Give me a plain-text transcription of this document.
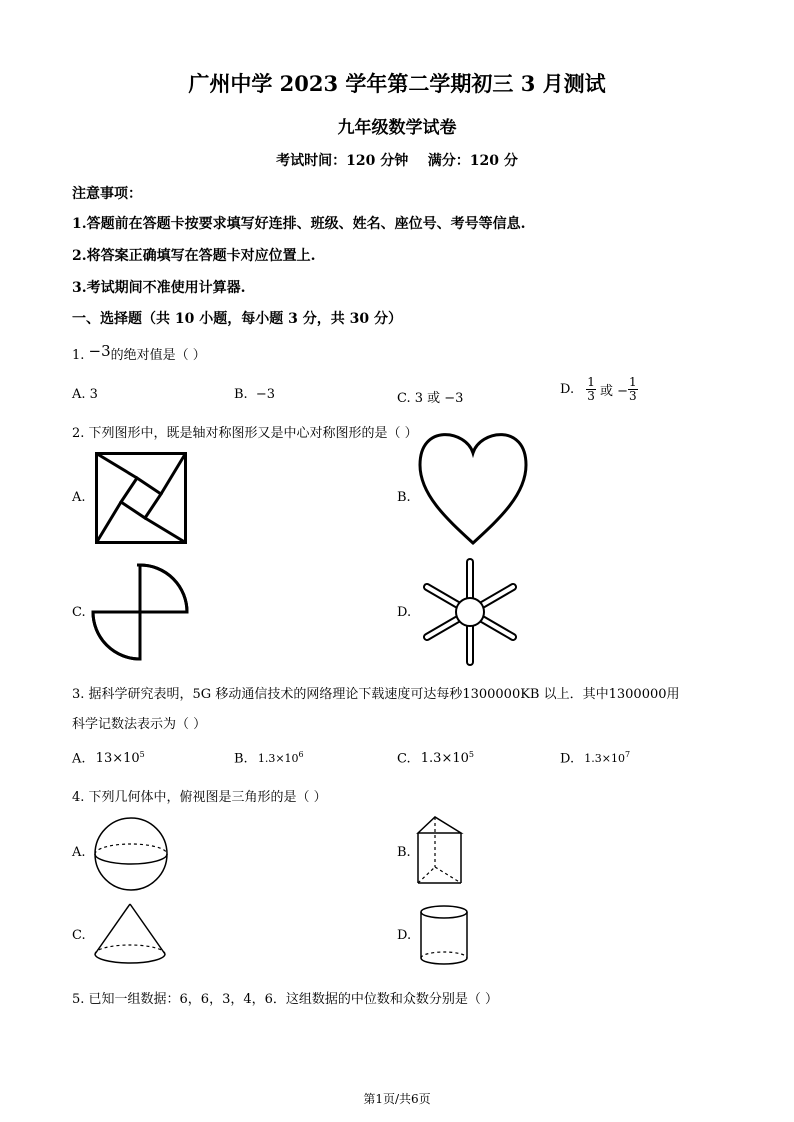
广州中学 2023 学年第二学期初三 3 月测试
九年级数学试卷
考试时间：120 分钟    满分：120 分
注意事项：
1.答题前在答题卡按要求填写好连排、班级、姓名、座位号、考号等信息.
2.将答案正确填写在答题卡对应位置上.
3.考试期间不准使用计算器.
一、选择题（共 10 小题，每小题 3 分，共 30 分）
1. −3的绝对值是（ ）
A. 3	B. −3	C. 3 或 −3
D. $\frac{1}{3}$ 或 − $\frac{1}{3}$
2. 下列图形中，既是轴对称图形又是中心对称图形的是（ ）
A.	B.
C.	D.
3. 据科学研究表明，5G 移动通信技术的网络理论下载速度可达每秒1300000KB 以上．其中1300000用
科学记数法表示为（ ）
A. $13\times 10^5$	B. $1.3\times 10^6$	C. $1.3\times 10^5$	D. $1.3\times 10^7$
4. 下列几何体中，俯视图是三角形的是（ ）
A.	B.
C.	D.
5. 已知一组数据：6，6，3，4，6．这组数据的中位数和众数分别是（ ）
第1页/共6页
